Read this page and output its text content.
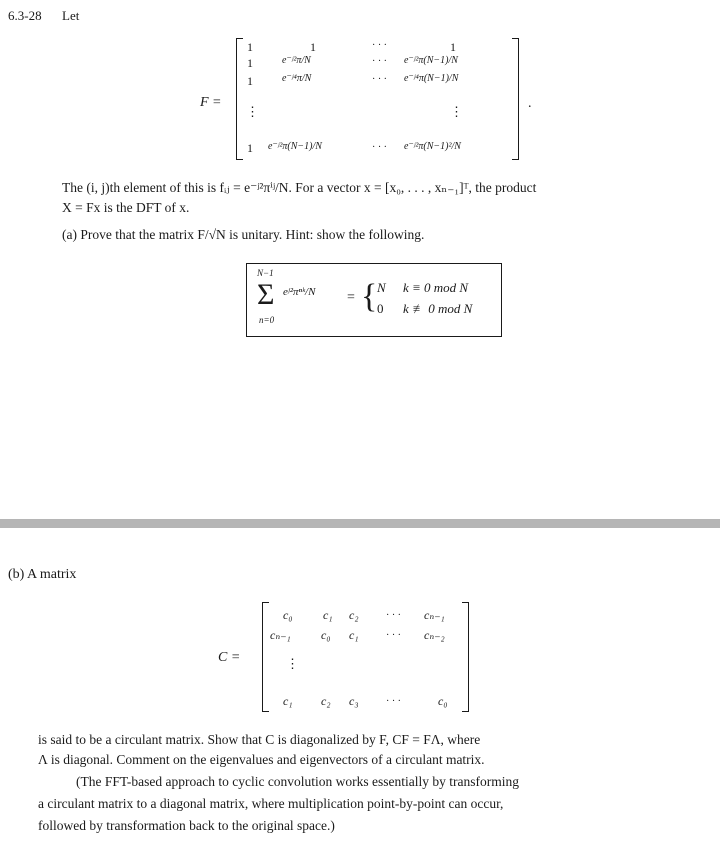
6.3-28 Let
F =
1	1	· · ·	1
1	e⁻ʲ²π/N	· · · e⁻ʲ²π(N−1)/N
1	e⁻ʲ⁴π/N	· · · e⁻ʲ⁴π(N−1)/N
⋮	⋮
1 e⁻ʲ²π(N−1)/N	· · · e⁻ʲ²π(N−1)²/N
.
The (i, j)th element of this is fᵢⱼ = e⁻ʲ²πⁱʲ/N. For a vector x = [x₀, . . . , xₙ₋₁]ᵀ, the product
X = Fx is the DFT of x.
(a) Prove that the matrix F/√N is unitary. Hint: show the following.
N−1
Σ
n=0
eʲ²πⁿᵏ/N = { N k ≡ 0 mod N
0 k ≢ 0 mod N
(b) A matrix
C =
c₀	c₁ c₂	· · · cₙ₋₁
cₙ₋₁	c₀ c₁	· · · cₙ₋₂
⋮
c₁ c₂ c₃	· · ·	c₀
is said to be a circulant matrix. Show that C is diagonalized by F, CF = FΛ, where
Λ is diagonal. Comment on the eigenvalues and eigenvectors of a circulant matrix.
(The FFT-based approach to cyclic convolution works essentially by transforming
a circulant matrix to a diagonal matrix, where multiplication point-by-point can occur,
followed by transformation back to the original space.)
